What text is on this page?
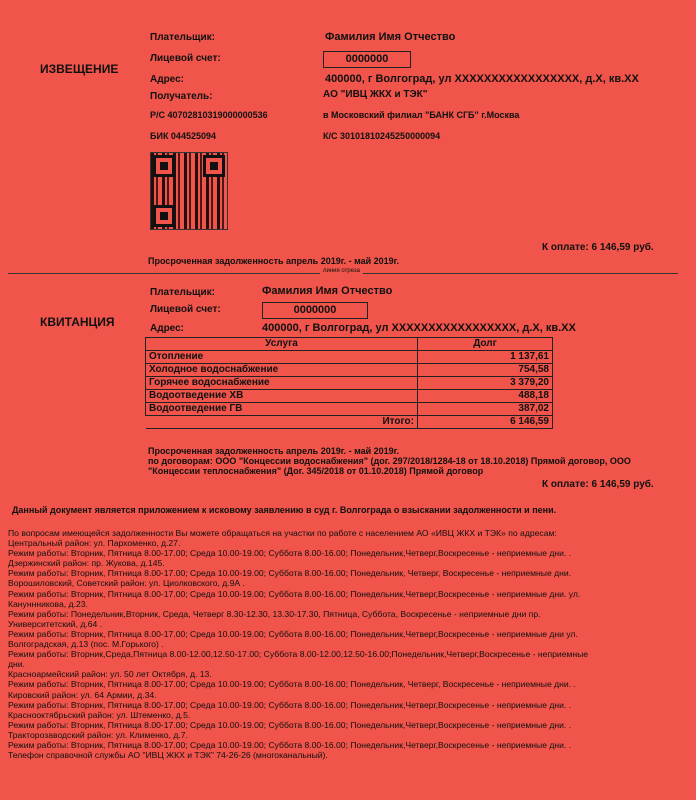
ИЗВЕЩЕНИЕ
Плательщик:	Фамилия Имя Отчество
Лицевой счет:	0000000
Адрес:	400000, г Волгоград, ул XXXXXXXXXXXXXXXXX, д.X, кв.XX
Получатель:	АО "ИВЦ ЖКХ и ТЭК"
Р/С 40702810319000000536	в Московский филиал "БАНК СГБ" г.Москва
БИК 044525094	К/С 30101810245250000094
К оплате: 6 146,59 руб.
Просроченная задолженность апрель 2019г. - май 2019г.
линия отреза
КВИТАНЦИЯ
Плательщик:	Фамилия Имя Отчество
Лицевой счет:	0000000
Адрес:	400000, г Волгоград, ул XXXXXXXXXXXXXXXXX, д.X, кв.XX
Услуга	Долг
Отопление	1 137,61
Холодное водоснабжение	754,58
Горячее водоснабжение	3 379,20
Водоотведение ХВ	488,18
Водоотведение ГВ	387,02
Итого:	6 146,59
Просроченная задолженность апрель 2019г. - май 2019г.
по договорам: ООО "Концессии водоснабжения" (дог. 297/2018/1284-18 от 18.10.2018) Прямой договор, ООО
"Концессии теплоснабжения" (Дог. 345/2018 от 01.10.2018) Прямой договор
К оплате: 6 146,59 руб.
Данный документ является приложением к исковому заявлению в суд г. Волгограда о взыскании задолженности и пени.
По вопросам имеющейся задолженности Вы можете обращаться на участки по работе с населением АО «ИВЦ ЖКХ и ТЭК» по адресам:
Центральный район: ул. Пархоменко, д.27.
Режим работы: Вторник, Пятница 8.00-17.00; Среда 10.00-19.00; Суббота 8.00-16.00; Понедельник,Четверг,Воскресенье - неприемные дни. .
Дзержинский район: пр. Жукова, д.145.
Режим работы: Вторник, Пятница 8.00-17.00; Среда 10.00-19.00; Суббота 8.00-16.00; Понедельник, Четверг, Воскресенье - неприемные дни.
Ворошиловский, Советский район: ул. Циолковского, д.9А .
Режим работы: Вторник, Пятница 8.00-17.00; Среда 10.00-19.00; Суббота 8.00-16.00; Понедельник,Четверг,Воскресенье - неприемные дни. ул.
Кануннникова, д.23.
Режим работы: Понедельник,Вторник, Среда, Четверг 8.30-12.30, 13.30-17.30, Пятница, Суббота, Воскресенье - неприемные дни пр.
Университетский, д.64 .
Режим работы: Вторник, Пятница 8.00-17.00; Среда 10.00-19.00; Суббота 8.00-16.00; Понедельник,Четверг,Воскресенье - неприемные дни ул.
Волгоградская, д.13 (пос. М.Горького) .
Режим работы: Вторник,Среда,Пятница 8.00-12.00,12.50-17.00; Суббота 8.00-12.00,12.50-16.00;Понедельник,Четверг,Воскресенье - неприемные
дни.
Красноармейский район: ул. 50 лет Октября, д. 13.
Режим работы: Вторник, Пятница 8.00-17.00; Среда 10.00-19.00; Суббота 8.00-16.00; Понедельник, Четверг, Воскресенье - неприемные дни. .
Кировский район: ул. 64 Армии, д.34.
Режим работы: Вторник, Пятница 8.00-17.00; Среда 10.00-19.00; Суббота 8.00-16.00; Понедельник,Четверг,Воскресенье - неприемные дни. .
Краснооктябрьский район: ул. Штеменко, д.5.
Режим работы: Вторник, Пятница 8.00-17.00; Среда 10.00-19.00; Суббота 8.00-16.00; Понедельник,Четверг,Воскресенье - неприемные дни. .
Тракторозаводский район: ул. Клименко, д.7.
Режим работы: Вторник, Пятница 8.00-17.00; Среда 10.00-19.00; Суббота 8.00-16.00; Понедельник,Четверг,Воскресенье - неприемные дни. .
Телефон справочной службы АО "ИВЦ ЖКХ и ТЭК" 74-26-26 (многоканальный).
